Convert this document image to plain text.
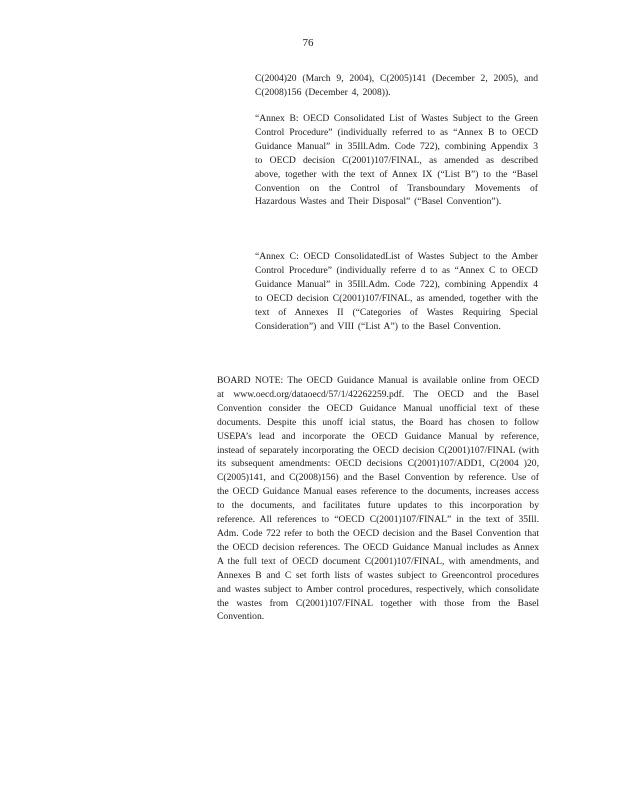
76

C(2004)20 (March 9, 2004), C(2005)141 (December 2, 2005), and C(2008)156 (December 4, 2008)).

“Annex B: OECD Consolidated List of Wastes Subject to the Green Control Procedure” (individually referred to as “Annex B to OECD Guidance Manual” in 35Ill.Adm. Code 722), combining Appendix 3 to OECD decision C(2001)107/FINAL, as amended as described above, together with the text of Annex IX (“List B”) to the “Basel Convention on the Control of Transboundary Movements of Hazardous Wastes and Their Disposal” (“Basel Convention”).

“Annex C: OECD ConsolidatedList of Wastes Subject to the Amber Control Procedure” (individually referre d to as “Annex C to OECD Guidance Manual” in 35Ill.Adm. Code 722), combining Appendix 4 to OECD decision C(2001)107/FINAL, as amended, together with the text of Annexes II (“Categories of Wastes Requiring Special Consideration”) and VIII (“List A”) to the Basel Convention.

BOARD NOTE: The OECD Guidance Manual is available online from OECD at www.oecd.org/dataoecd/57/1/42262259.pdf. The OECD and the Basel Convention consider the OECD Guidance Manual unofficial text of these documents. Despite this unoff icial status, the Board has chosen to follow USEPA’s lead and incorporate the OECD Guidance Manual by reference, instead of separately incorporating the OECD decision C(2001)107/FINAL (with its subsequent amendments: OECD decisions C(2001)107/ADD1, C(2004 )20, C(2005)141, and C(2008)156) and the Basel Convention by reference. Use of the OECD Guidance Manual eases reference to the documents, increases access to the documents, and facilitates future updates to this incorporation by reference. All references to “OECD C(2001)107/FINAL” in the text of 35Ill. Adm. Code 722 refer to both the OECD decision and the Basel Convention that the OECD decision references. The OECD Guidance Manual includes as Annex A the full text of OECD document C(2001)107/FINAL, with amendments, and Annexes B and C set forth lists of wastes subject to Greencontrol procedures and wastes subject to Amber control procedures, respectively, which consolidate the wastes from C(2001)107/FINAL together with those from the Basel Convention.
